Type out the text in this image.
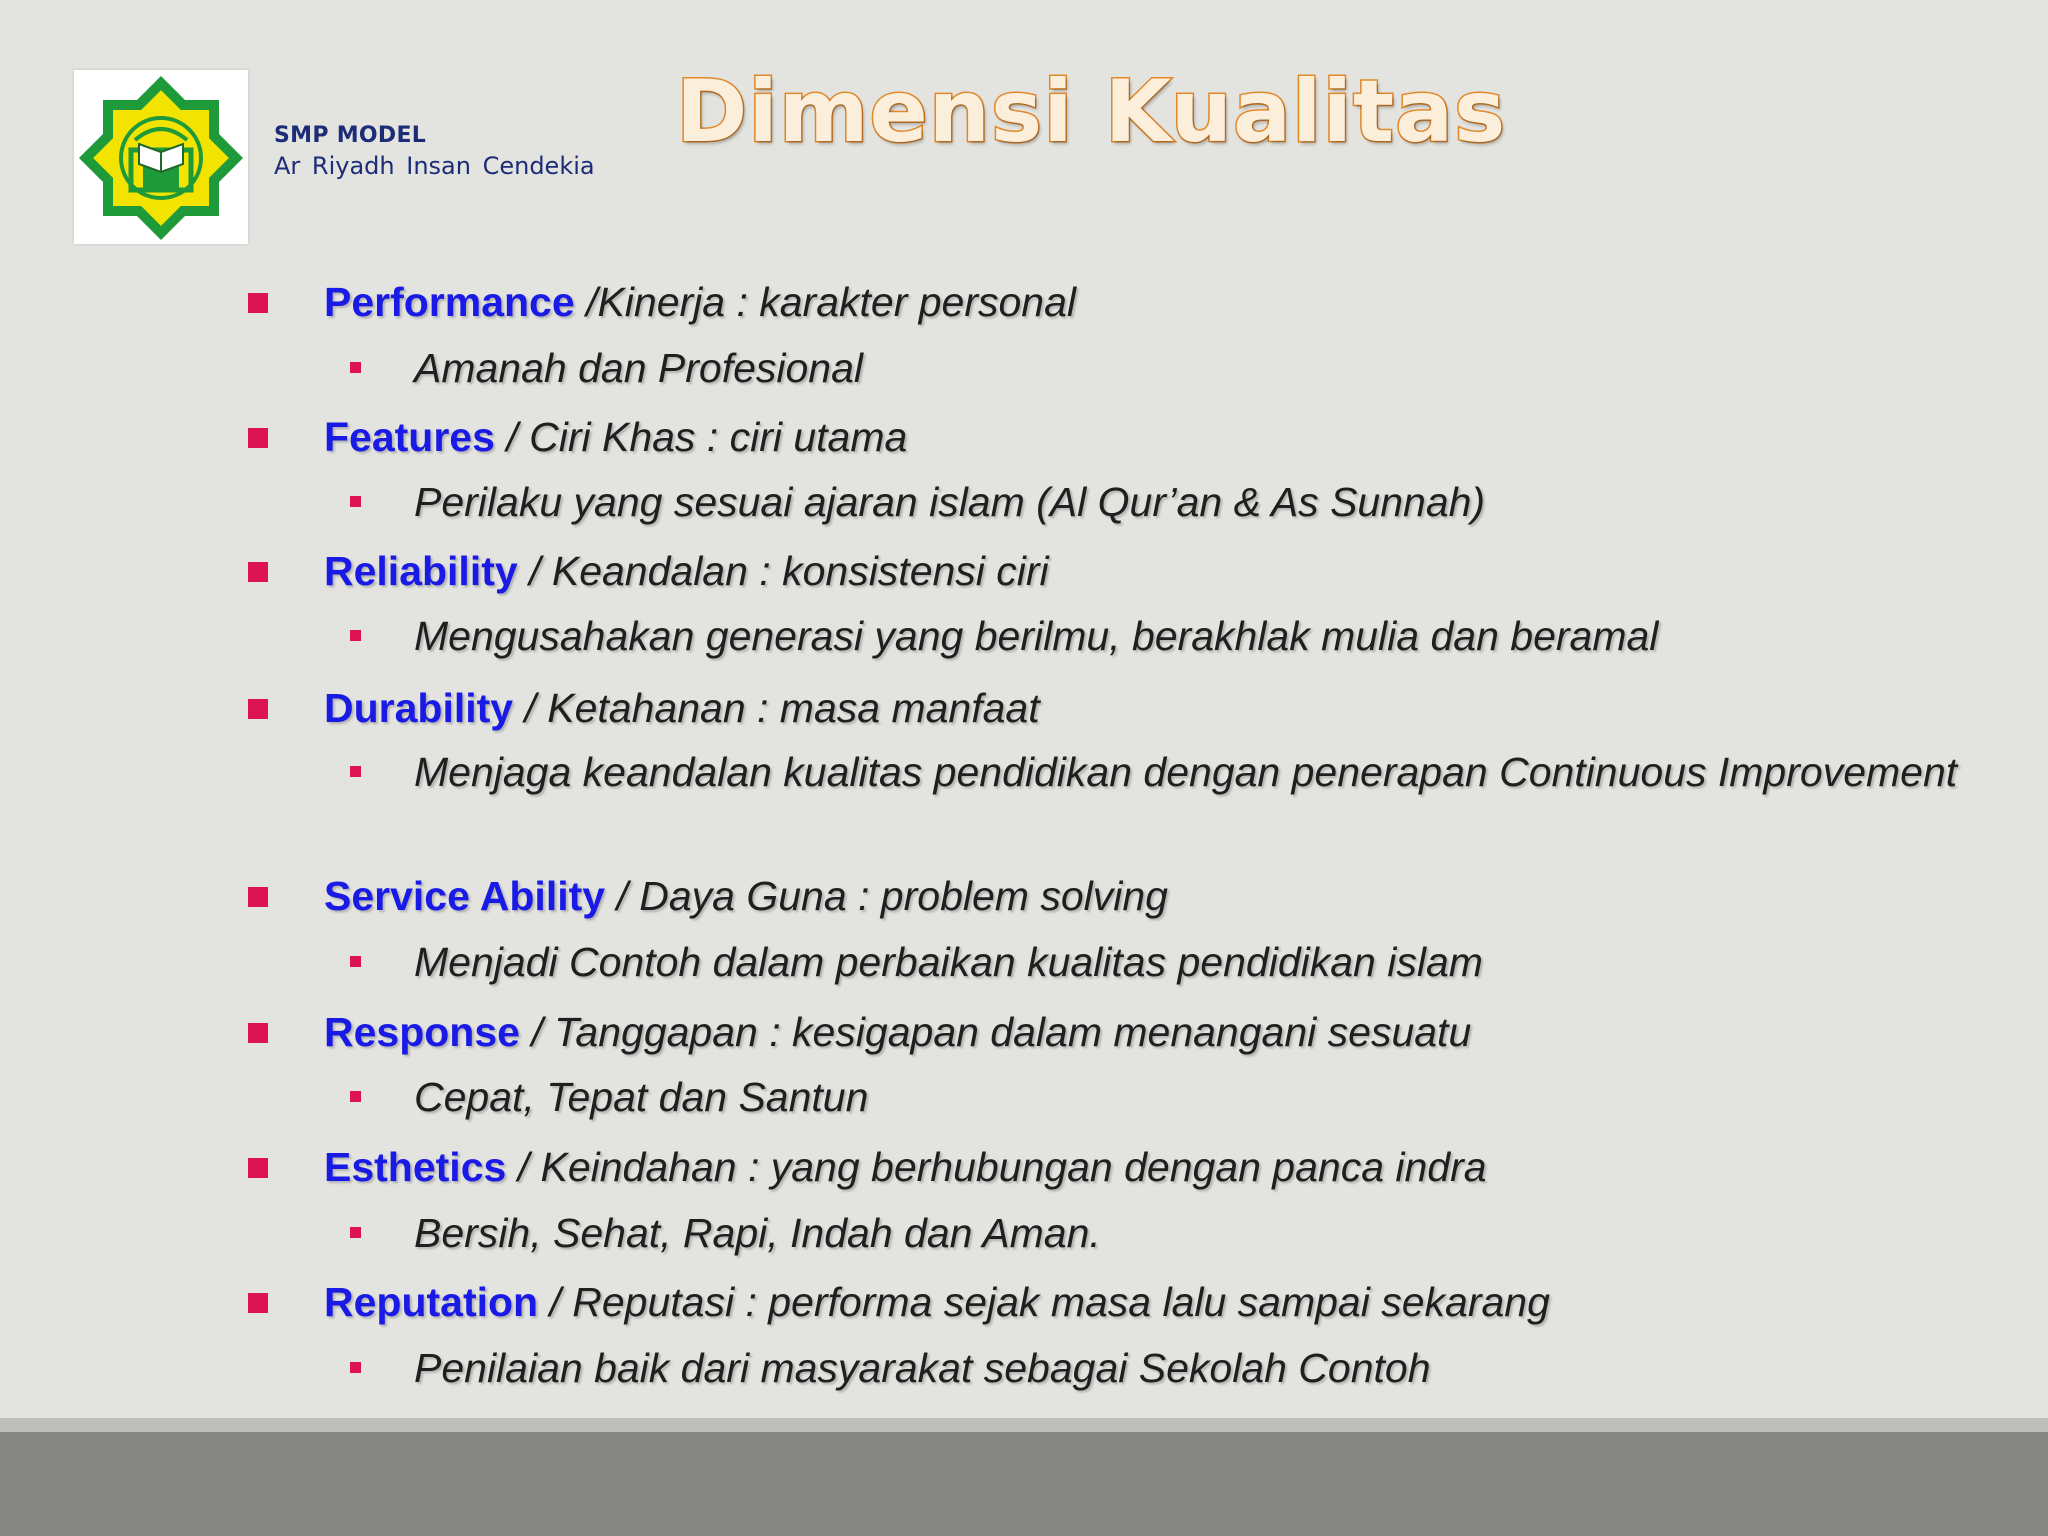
SMP MODEL
Ar Riyadh Insan Cendekia
Dimensi Kualitas
Performance /Kinerja : karakter personal
Amanah dan Profesional
Features / Ciri Khas : ciri utama
Perilaku yang sesuai ajaran islam (Al Qur’an & As Sunnah)
Reliability / Keandalan : konsistensi ciri
Mengusahakan generasi yang berilmu, berakhlak mulia dan beramal
Durability / Ketahanan : masa manfaat
Menjaga keandalan kualitas pendidikan dengan penerapan Continuous Improvement
Service Ability / Daya Guna : problem solving
Menjadi Contoh dalam perbaikan kualitas pendidikan islam
Response / Tanggapan : kesigapan dalam menangani sesuatu
Cepat, Tepat dan Santun
Esthetics / Keindahan : yang berhubungan dengan panca indra
Bersih, Sehat, Rapi, Indah dan Aman.
Reputation / Reputasi : performa sejak masa lalu sampai sekarang
Penilaian baik dari masyarakat sebagai Sekolah Contoh
